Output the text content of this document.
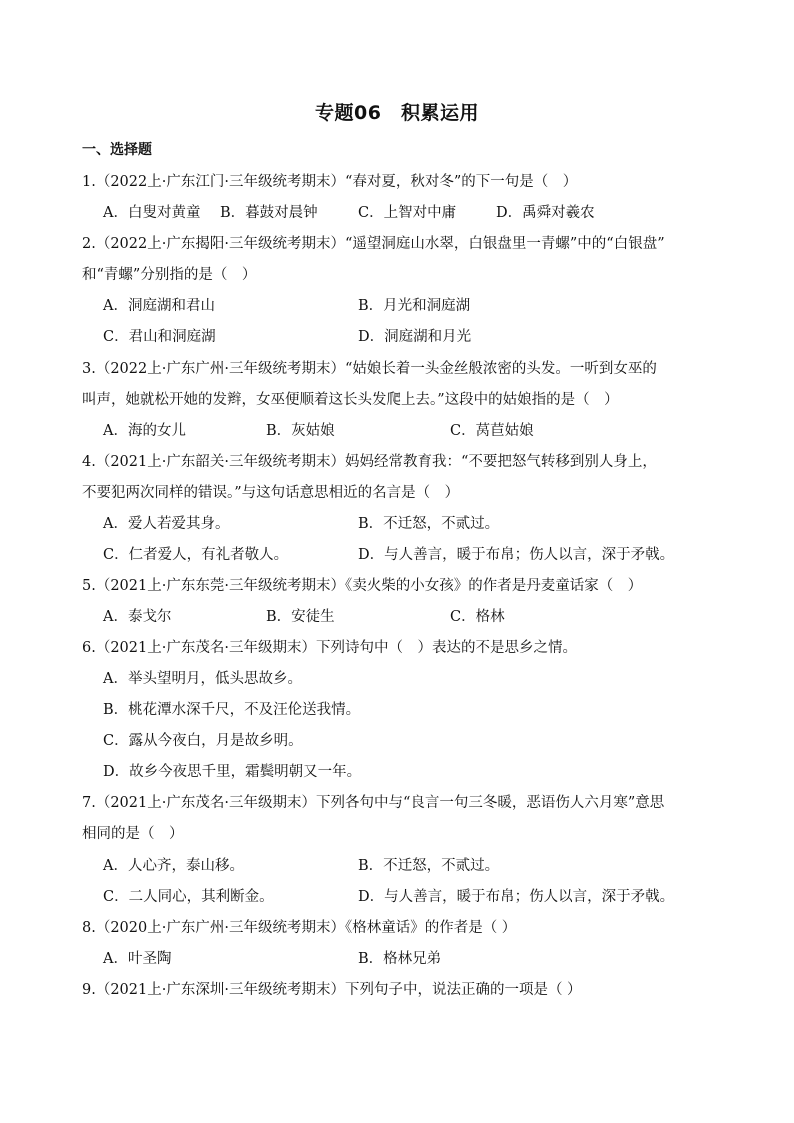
专题06　积累运用
一、选择题
1.（2022上·广东江门·三年级统考期末）“春对夏，秋对冬”的下一句是（　）
A．白叟对黄童 B．暮鼓对晨钟	C．上智对中庸	D．禹舜对羲农
2.（2022上·广东揭阳·三年级统考期末）“遥望洞庭山水翠，白银盘里一青螺”中的“白银盘”
和“青螺”分别指的是（　）
A．洞庭湖和君山	B．月光和洞庭湖
C．君山和洞庭湖	D．洞庭湖和月光
3.（2022上·广东广州·三年级统考期末）“姑娘长着一头金丝般浓密的头发。一听到女巫的
叫声，她就松开她的发辫，女巫便顺着这长头发爬上去。”这段中的姑娘指的是（　）
A．海的女儿	B．灰姑娘	C．莴苣姑娘
4.（2021上·广东韶关·三年级统考期末）妈妈经常教育我：“不要把怒气转移到别人身上，
不要犯两次同样的错误。”与这句话意思相近的名言是（　）
A．爱人若爱其身。	B．不迁怒，不贰过。
C．仁者爱人，有礼者敬人。	D．与人善言，暖于布帛；伤人以言，深于矛戟。
5.（2021上·广东东莞·三年级统考期末）《卖火柴的小女孩》的作者是丹麦童话家（　）
A．泰戈尔	B．安徒生	C．格林
6.（2021上·广东茂名·三年级期末）下列诗句中（　）表达的不是思乡之情。
A．举头望明月，低头思故乡。
B．桃花潭水深千尺，不及汪伦送我情。
C．露从今夜白，月是故乡明。
D．故乡今夜思千里，霜鬓明朝又一年。
7.（2021上·广东茂名·三年级期末）下列各句中与“良言一句三冬暖，恶语伤人六月寒”意思
相同的是（　）
A．人心齐，泰山移。	B．不迁怒，不贰过。
C．二人同心，其利断金。	D．与人善言，暖于布帛；伤人以言，深于矛戟。
8.（2020上·广东广州·三年级统考期末）《格林童话》的作者是（ ）
A．叶圣陶	B．格林兄弟
9.（2021上·广东深圳·三年级统考期末）下列句子中，说法正确的一项是（ ）
